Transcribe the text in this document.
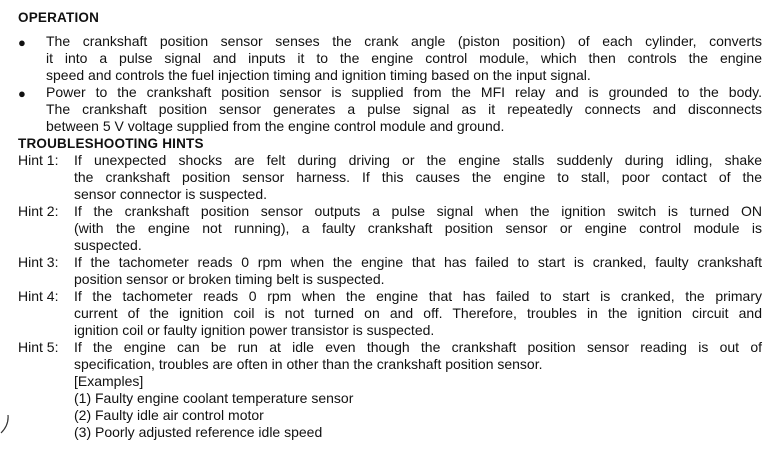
OPERATION
● The crankshaft position sensor senses the crank angle (piston position) of each cylinder, converts
it into a pulse signal and inputs it to the engine control module, which then controls the engine
speed and controls the fuel injection timing and ignition timing based on the input signal.
● Power to the crankshaft position sensor is supplied from the MFI relay and is grounded to the body.
The crankshaft position sensor generates a pulse signal as it repeatedly connects and disconnects
between 5 V voltage supplied from the engine control module and ground.
TROUBLESHOOTING HINTS
Hint 1: If unexpected shocks are felt during driving or the engine stalls suddenly during idling, shake
the crankshaft position sensor harness. If this causes the engine to stall, poor contact of the
sensor connector is suspected.
Hint 2: If the crankshaft position sensor outputs a pulse signal when the ignition switch is turned ON
(with the engine not running), a faulty crankshaft position sensor or engine control module is
suspected.
Hint 3: If the tachometer reads 0 rpm when the engine that has failed to start is cranked, faulty crankshaft
position sensor or broken timing belt is suspected.
Hint 4: If the tachometer reads 0 rpm when the engine that has failed to start is cranked, the primary
current of the ignition coil is not turned on and off. Therefore, troubles in the ignition circuit and
ignition coil or faulty ignition power transistor is suspected.
Hint 5: If the engine can be run at idle even though the crankshaft position sensor reading is out of
specification, troubles are often in other than the crankshaft position sensor.
[Examples]
(1) Faulty engine coolant temperature sensor
(2) Faulty idle air control motor
(3) Poorly adjusted reference idle speed
